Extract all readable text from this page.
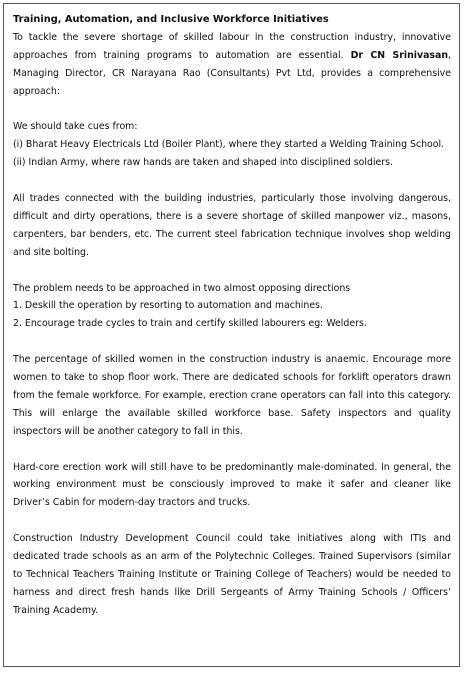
Training, Automation, and Inclusive Workforce Initiatives

To tackle the severe shortage of skilled labour in the construction industry, innovative approaches from training programs to automation are essential. Dr CN Srinivasan, Managing Director, CR Narayana Rao (Consultants) Pvt Ltd, provides a comprehensive approach:

We should take cues from:

(i) Bharat Heavy Electricals Ltd (Boiler Plant), where they started a Welding Training School.

(ii) Indian Army, where raw hands are taken and shaped into disciplined soldiers.

All trades connected with the building industries, particularly those involving dangerous, difficult and dirty operations, there is a severe shortage of skilled manpower viz., masons, carpenters, bar benders, etc. The current steel fabrication technique involves shop welding and site bolting.

The problem needs to be approached in two almost opposing directions

1. Deskill the operation by resorting to automation and machines.

2. Encourage trade cycles to train and certify skilled labourers eg: Welders.

The percentage of skilled women in the construction industry is anaemic. Encourage more women to take to shop floor work. There are dedicated schools for forklift operators drawn from the female workforce. For example, erection crane operators can fall into this category. This will enlarge the available skilled workforce base. Safety inspectors and quality inspectors will be another category to fall in this.

Hard-core erection work will still have to be predominantly male-dominated. In general, the working environment must be consciously improved to make it safer and cleaner like Driver’s Cabin for modern-day tractors and trucks.

Construction Industry Development Council could take initiatives along with ITIs and dedicated trade schools as an arm of the Polytechnic Colleges. Trained Supervisors (similar to Technical Teachers Training Institute or Training College of Teachers) would be needed to harness and direct fresh hands like Drill Sergeants of Army Training Schools / Officers’ Training Academy.
